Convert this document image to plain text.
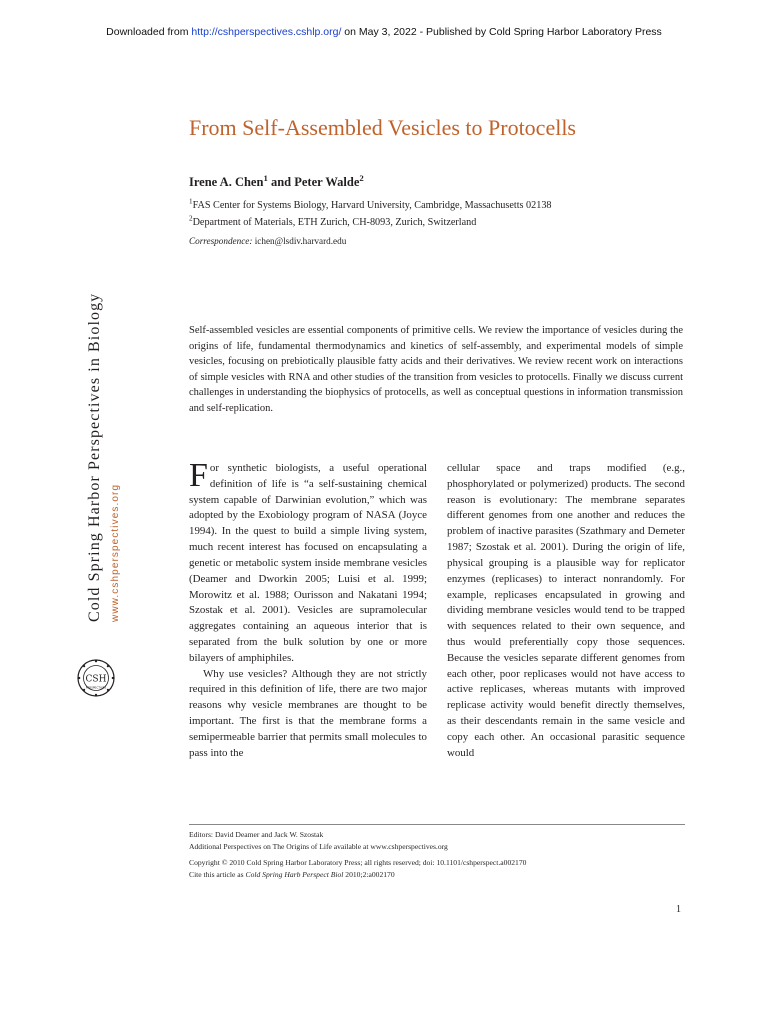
Downloaded from http://cshperspectives.cshlp.org/ on May 3, 2022 - Published by Cold Spring Harbor Laboratory Press
Cold Spring Harbor Perspectives in Biology www.cshperspectives.org
CSH
PERSPECTIVES
From Self-Assembled Vesicles to Protocells
Irene A. Chen$^1$ and Peter Walde$^2$
$^1$FAS Center for Systems Biology, Harvard University, Cambridge, Massachusetts 02138
$^2$Department of Materials, ETH Zurich, CH-8093, Zurich, Switzerland
Correspondence: ichen@lsdiv.harvard.edu
Self-assembled vesicles are essential components of primitive cells. We review the importance of vesicles during the origins of life, fundamental thermodynamics and kinetics of self-assembly, and experimental models of simple vesicles, focusing on prebiotically plausible fatty acids and their derivatives. We review recent work on interactions of simple vesicles with RNA and other studies of the transition from vesicles to protocells. Finally we discuss current challenges in understanding the biophysics of protocells, as well as conceptual questions in information transmission and self-replication.

For synthetic biologists, a useful operational definition of life is “a self-sustaining chemical system capable of Darwinian evolution,” which was adopted by the Exobiology program of NASA (Joyce 1994). In the quest to build a simple living system, much recent interest has focused on encapsulating a genetic or metabolic system inside membrane vesicles (Deamer and Dworkin 2005; Luisi et al. 1999; Morowitz et al. 1988; Ourisson and Nakatani 1994; Szostak et al. 2001). Vesicles are supramolecular aggregates containing an aqueous interior that is separated from the bulk solution by one or more bilayers of amphiphiles.

Why use vesicles? Although they are not strictly required in this definition of life, there are two major reasons why vesicle membranes are thought to be important. The first is that the membrane forms a semipermeable barrier that permits small molecules to pass into the

cellular space and traps modified (e.g., phosphorylated or polymerized) products. The second reason is evolutionary: The membrane separates different genomes from one another and reduces the problem of inactive parasites (Szathmary and Demeter 1987; Szostak et al. 2001). During the origin of life, physical grouping is a plausible way for replicator enzymes (replicases) to interact nonrandomly. For example, replicases encapsulated in growing and dividing membrane vesicles would tend to be trapped with sequences related to their own sequence, and thus would preferentially copy those sequences. Because the vesicles separate different genomes from each other, poor replicases would not have access to active replicases, whereas mutants with improved replicase activity would benefit directly themselves, as their descendants remain in the same vesicle and copy each other. An occasional parasitic sequence would

Editors: David Deamer and Jack W. Szostak
Additional Perspectives on The Origins of Life available at www.cshperspectives.org
Copyright © 2010 Cold Spring Harbor Laboratory Press; all rights reserved; doi: 10.1101/cshperspect.a002170
Cite this article as Cold Spring Harb Perspect Biol 2010;2:a002170
1
